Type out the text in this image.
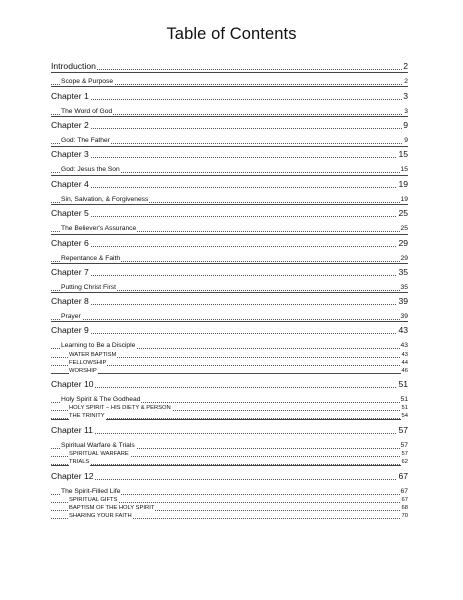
Table of Contents
Introduction	2
Scope & Purpose	2
Chapter 1	3
The Word of God	3
Chapter 2	9
God: The Father	9
Chapter 3	15
God: Jesus the Son	15
Chapter 4	19
Sin, Salvation, & Forgiveness	19
Chapter 5	25
The Believer's Assurance	25
Chapter 6	29
Repentance & Faith	29
Chapter 7	35
Putting Christ First	35
Chapter 8	39
Prayer	39
Chapter 9	43
Learning to Be a Disciple	43
WATER BAPTISM	43
FELLOWSHIP	44
WORSHIP	46
Chapter 10	51
Holy Spirit & The Godhead	51
HOLY SPIRIT – HIS DIETY & PERSON	51
THE TRINITY	54
Chapter 11	57
Spiritual Warfare & Trials	57
SPIRITUAL WARFARE	57
TRIALS	62
Chapter 12	67
The Spirit-Filled Life	67
SPIRITUAL GIFTS	67
BAPTISM OF THE HOLY SPIRIT	68
SHARING YOUR FAITH	70
